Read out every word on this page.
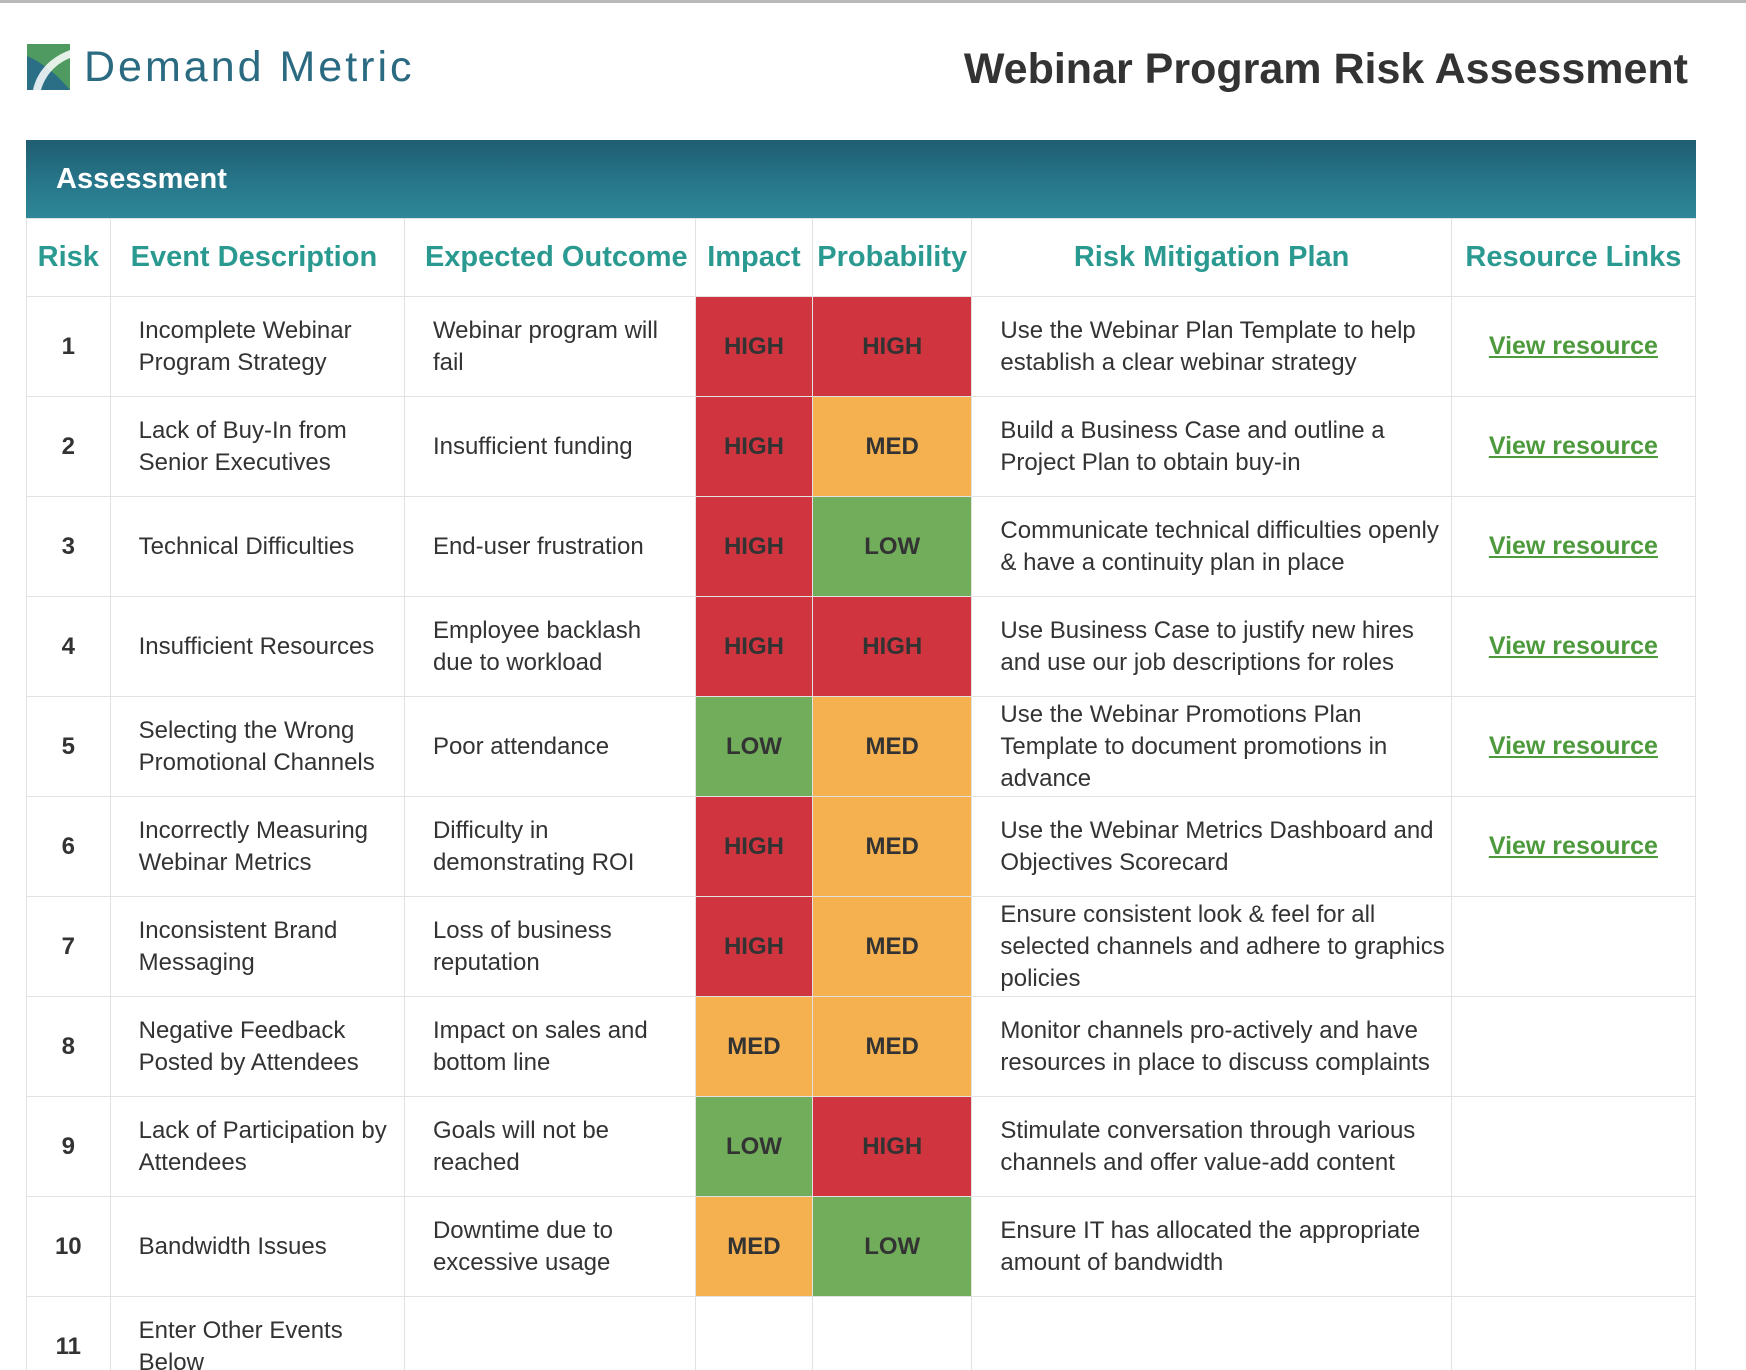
Demand Metric	Webinar Program Risk Assessment
Assessment
Risk	Event Description	Expected Outcome	Impact	Probability	Risk Mitigation Plan	Resource Links
1	Incomplete Webinar Program Strategy	Webinar program will fail	HIGH	HIGH	Use the Webinar Plan Template to help establish a clear webinar strategy	View resource
2	Lack of Buy-In from Senior Executives	Insufficient funding	HIGH	MED	Build a Business Case and outline a Project Plan to obtain buy-in	View resource
3	Technical Difficulties	End-user frustration	HIGH	LOW	Communicate technical difficulties openly & have a continuity plan in place	View resource
4	Insufficient Resources	Employee backlash due to workload	HIGH	HIGH	Use Business Case to justify new hires and use our job descriptions for roles	View resource
5	Selecting the Wrong Promotional Channels	Poor attendance	LOW	MED	Use the Webinar Promotions Plan Template to document promotions in advance	View resource
6	Incorrectly Measuring Webinar Metrics	Difficulty in demonstrating ROI	HIGH	MED	Use the Webinar Metrics Dashboard and Objectives Scorecard	View resource
7	Inconsistent Brand Messaging	Loss of business reputation	HIGH	MED	Ensure consistent look & feel for all selected channels and adhere to graphics policies	
8	Negative Feedback Posted by Attendees	Impact on sales and bottom line	MED	MED	Monitor channels pro-actively and have resources in place to discuss complaints	
9	Lack of Participation by Attendees	Goals will not be reached	LOW	HIGH	Stimulate conversation through various channels and offer value-add content	
10	Bandwidth Issues	Downtime due to excessive usage	MED	LOW	Ensure IT has allocated the appropriate amount of bandwidth	
11	Enter Other Events Below					
